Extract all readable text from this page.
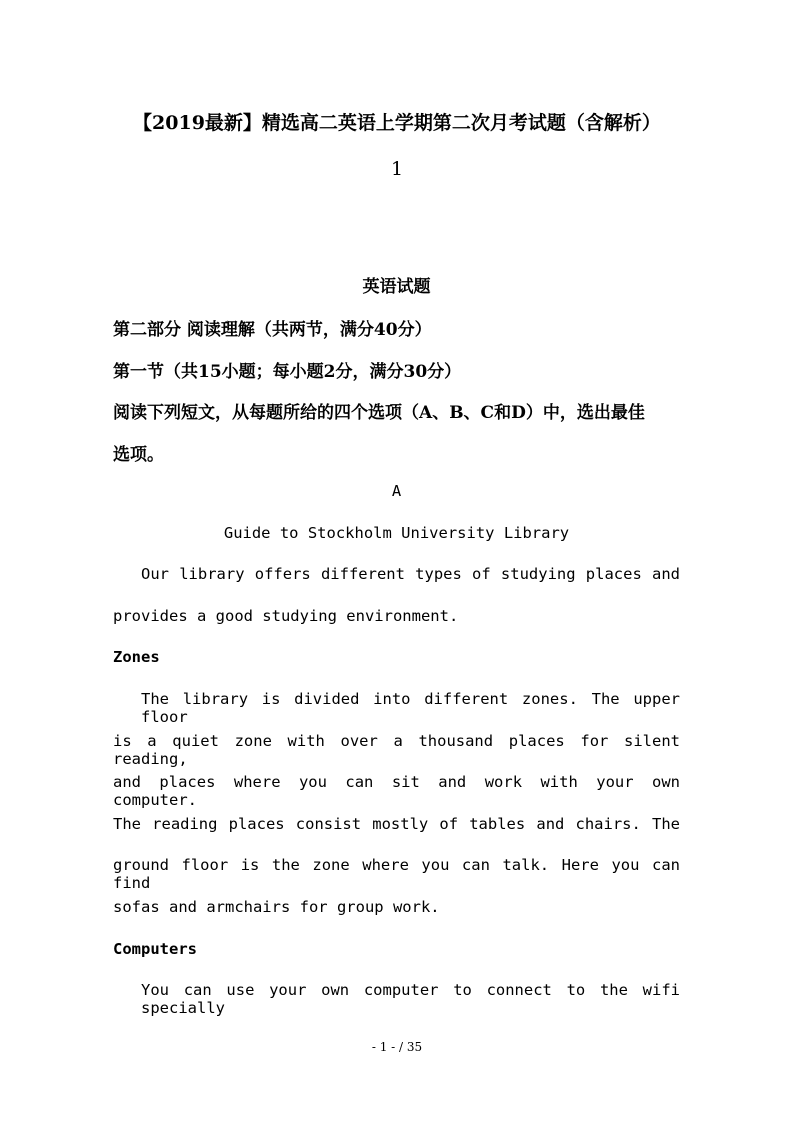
【2019最新】精选高二英语上学期第二次月考试题（含解析）
1
英语试题
第二部分 阅读理解（共两节，满分40分）
第一节（共15小题；每小题2分，满分30分）
阅读下列短文，从每题所给的四个选项（A、B、C和D）中，选出最佳
选项。
A
Guide to Stockholm University Library
Our library offers different types of studying places and
provides a good studying environment.
Zones
The library is divided into different zones. The upper floor
is a quiet zone with over a thousand places for silent reading,
and places where you can sit and work with your own computer.
The reading places consist mostly of tables and chairs. The
ground floor is the zone where you can talk. Here you can find
sofas and armchairs for group work.
Computers
You can use your own computer to connect to the wifi specially
- 1 - / 35
